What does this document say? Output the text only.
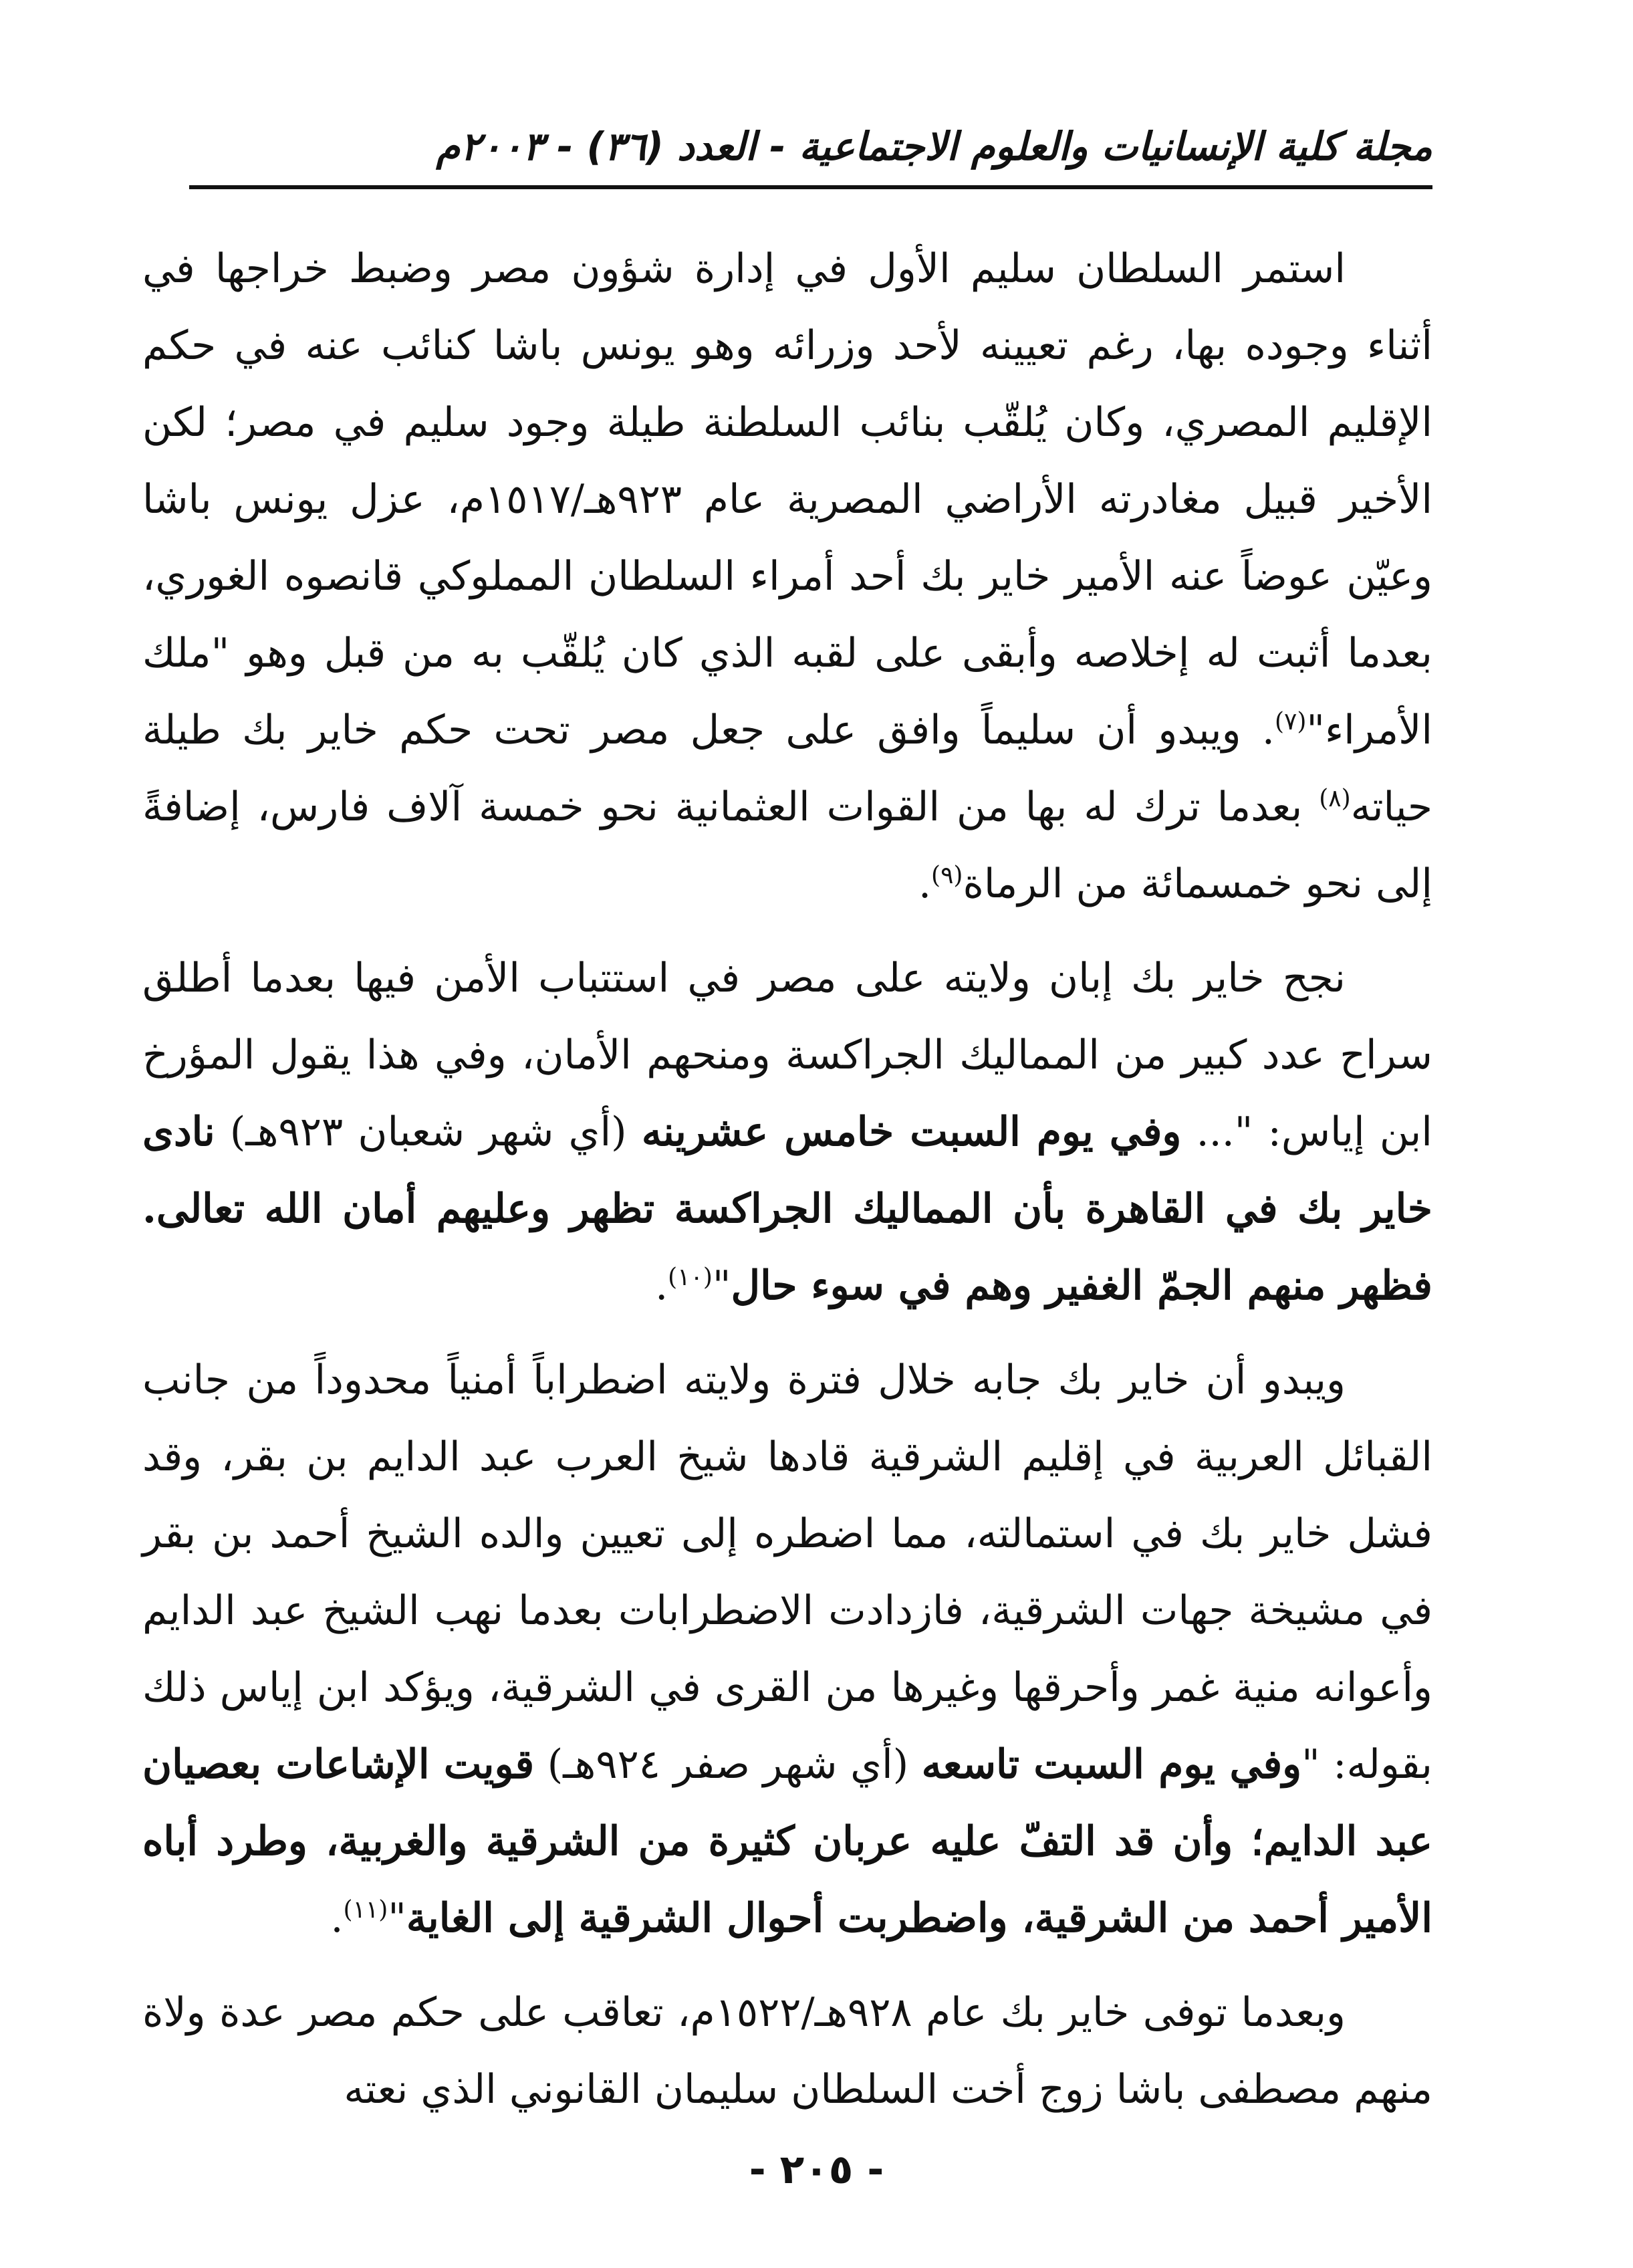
مجلة كلية الإنسانيات والعلوم الاجتماعية - العدد (٣٦) - ٢٠٠٣م

استمر السلطان سليم الأول في إدارة شؤون مصر وضبط خراجها في أثناء وجوده بها، رغم تعيينه لأحد وزرائه وهو يونس باشا كنائب عنه في حكم الإقليم المصري، وكان يُلقّب بنائب السلطنة طيلة وجود سليم في مصر؛ لكن الأخير قبيل مغادرته الأراضي المصرية عام ٩٢٣هـ/١٥١٧م، عزل يونس باشا وعيّن عوضاً عنه الأمير خاير بك أحد أمراء السلطان المملوكي قانصوه الغوري، بعدما أثبت له إخلاصه وأبقى على لقبه الذي كان يُلقّب به من قبل وهو "ملك الأمراء"$^{(٧)}$. ويبدو أن سليماً وافق على جعل مصر تحت حكم خاير بك طيلة حياته$^{(٨)}$ بعدما ترك له بها من القوات العثمانية نحو خمسة آلاف فارس، إضافةً إلى نحو خمسمائة من الرماة$^{(٩)}$.

نجح خاير بك إبان ولايته على مصر في استتباب الأمن فيها بعدما أطلق سراح عدد كبير من المماليك الجراكسة ومنحهم الأمان، وفي هذا يقول المؤرخ ابن إياس: "... وفي يوم السبت خامس عشرينه (أي شهر شعبان ٩٢٣هـ) نادى خاير بك في القاهرة بأن المماليك الجراكسة تظهر وعليهم أمان الله تعالى. فظهر منهم الجمّ الغفير وهم في سوء حال"$^{(١٠)}$.

ويبدو أن خاير بك جابه خلال فترة ولايته اضطراباً أمنياً محدوداً من جانب القبائل العربية في إقليم الشرقية قادها شيخ العرب عبد الدايم بن بقر، وقد فشل خاير بك في استمالته، مما اضطره إلى تعيين والده الشيخ أحمد بن بقر في مشيخة جهات الشرقية، فازدادت الاضطرابات بعدما نهب الشيخ عبد الدايم وأعوانه منية غمر وأحرقها وغيرها من القرى في الشرقية، ويؤكد ابن إياس ذلك بقوله: "وفي يوم السبت تاسعه (أي شهر صفر ٩٢٤هـ) قويت الإشاعات بعصيان عبد الدايم؛ وأن قد التفّ عليه عربان كثيرة من الشرقية والغربية، وطرد أباه الأمير أحمد من الشرقية، واضطربت أحوال الشرقية إلى الغاية"$^{(١١)}$.

وبعدما توفى خاير بك عام ٩٢٨هـ/١٥٢٢م، تعاقب على حكم مصر عدة ولاة منهم مصطفى باشا زوج أخت السلطان سليمان القانوني الذي نعته

- ٢٠٥ -
